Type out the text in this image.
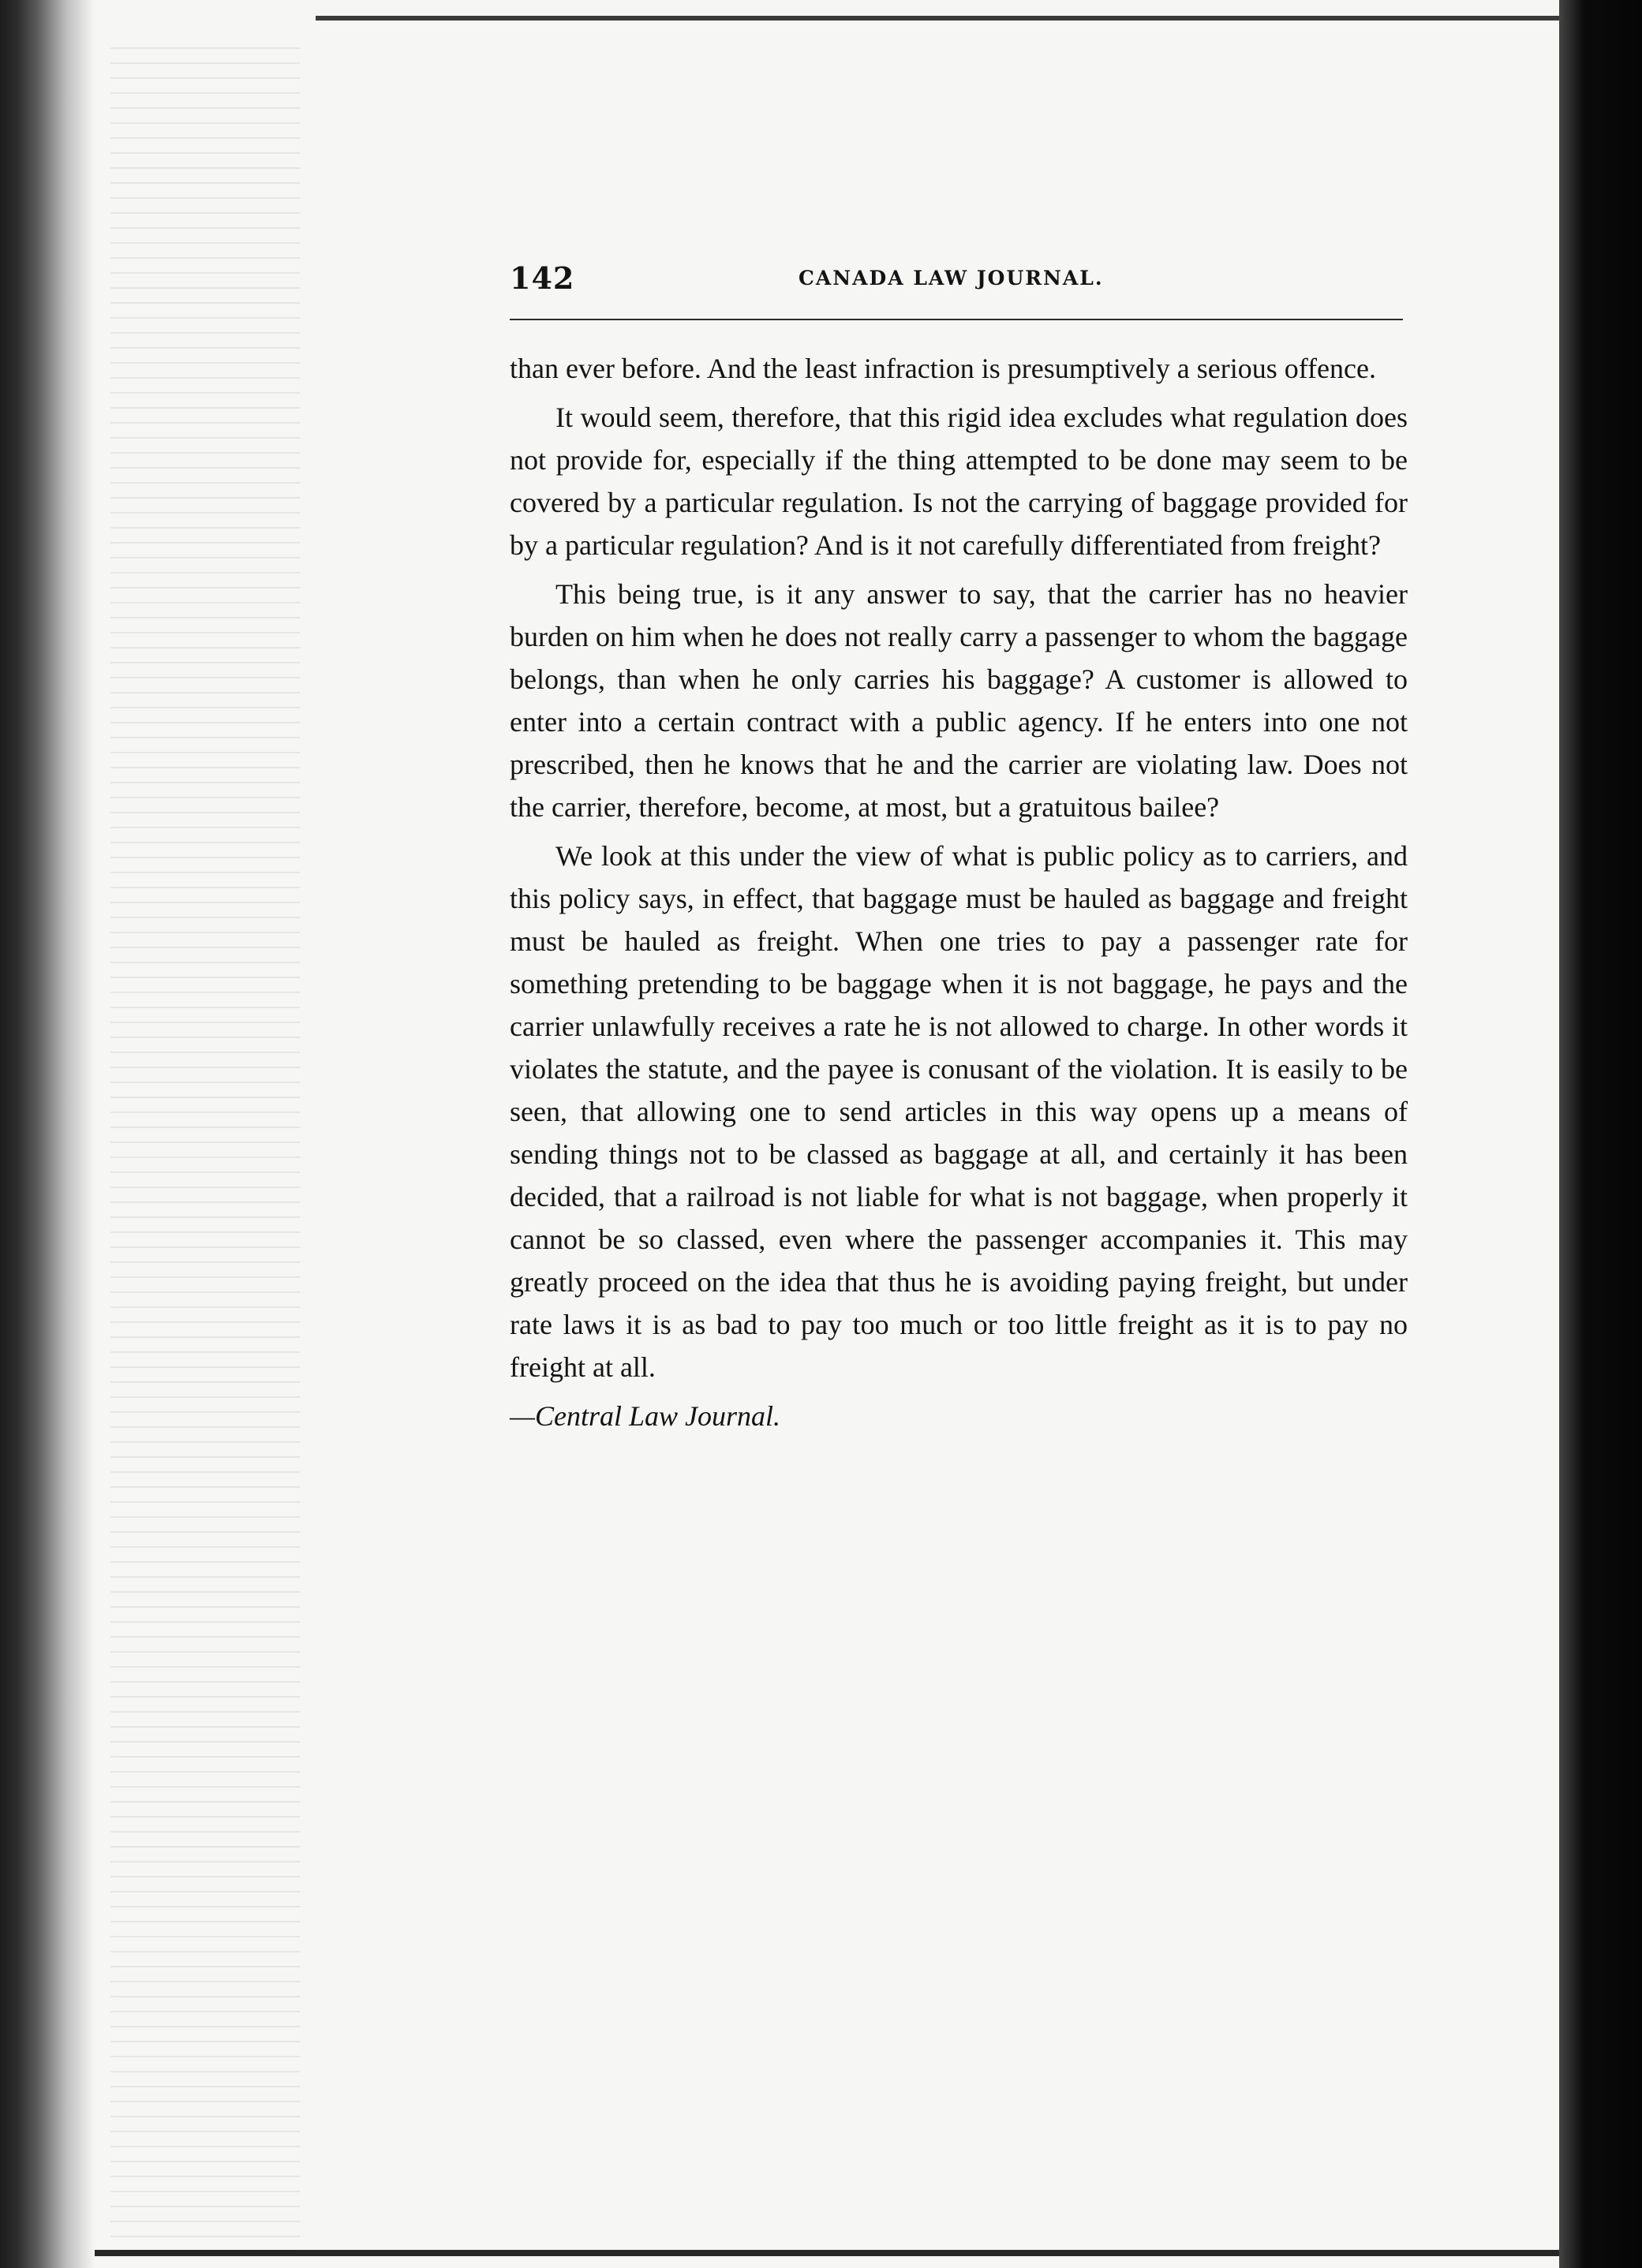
142	CANADA LAW JOURNAL.

than ever before. And the least infraction is presumptively a serious offence.

It would seem, therefore, that this rigid idea excludes what regulation does not provide for, especially if the thing attempted to be done may seem to be covered by a particular regulation. Is not the carrying of baggage provided for by a particular regulation? And is it not carefully differentiated from freight?

This being true, is it any answer to say, that the carrier has no heavier burden on him when he does not really carry a passenger to whom the baggage belongs, than when he only carries his baggage? A customer is allowed to enter into a certain contract with a public agency. If he enters into one not prescribed, then he knows that he and the carrier are violating law. Does not the carrier, therefore, become, at most, but a gratuitous bailee?

We look at this under the view of what is public policy as to carriers, and this policy says, in effect, that baggage must be hauled as baggage and freight must be hauled as freight. When one tries to pay a passenger rate for something pretending to be baggage when it is not baggage, he pays and the carrier unlawfully receives a rate he is not allowed to charge. In other words it violates the statute, and the payee is conusant of the violation. It is easily to be seen, that allowing one to send articles in this way opens up a means of sending things not to be classed as baggage at all, and certainly it has been decided, that a railroad is not liable for what is not baggage, when properly it cannot be so classed, even where the passenger accompanies it. This may greatly proceed on the idea that thus he is avoiding paying freight, but under rate laws it is as bad to pay too much or too little freight as it is to pay no freight at all.

—Central Law Journal.
